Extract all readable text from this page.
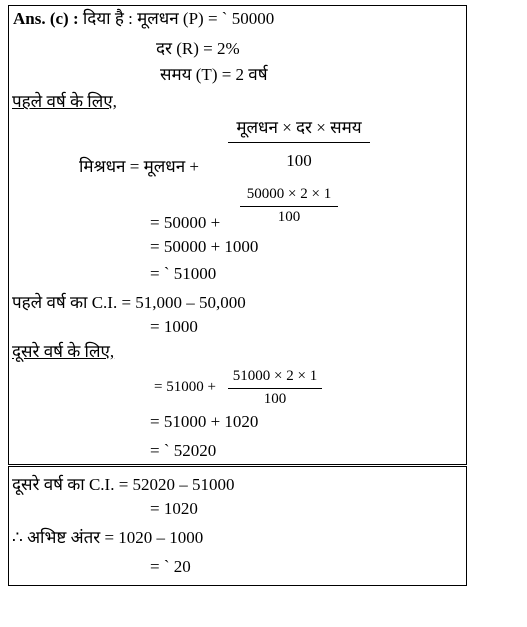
Ans. (c) : दिया है : मूलधन (P) = ` 50000
दर (R) = 2%
समय (T) = 2 वर्ष
पहले वर्ष के लिए,
मिश्रधन = मूलधन +
मूलधन × दर × समय
100
= 50000 +
50000 × 2 × 1
100
= 50000 + 1000
= ` 51000
पहले वर्ष का C.I. = 51,000 – 50,000
= 1000
दूसरे वर्ष के लिए,
= 51000 +
51000 × 2 × 1
100
= 51000 + 1020
= ` 52020
दूसरे वर्ष का C.I. = 52020 – 51000
= 1020
∴ अभिष्ट अंतर = 1020 – 1000
= ` 20
